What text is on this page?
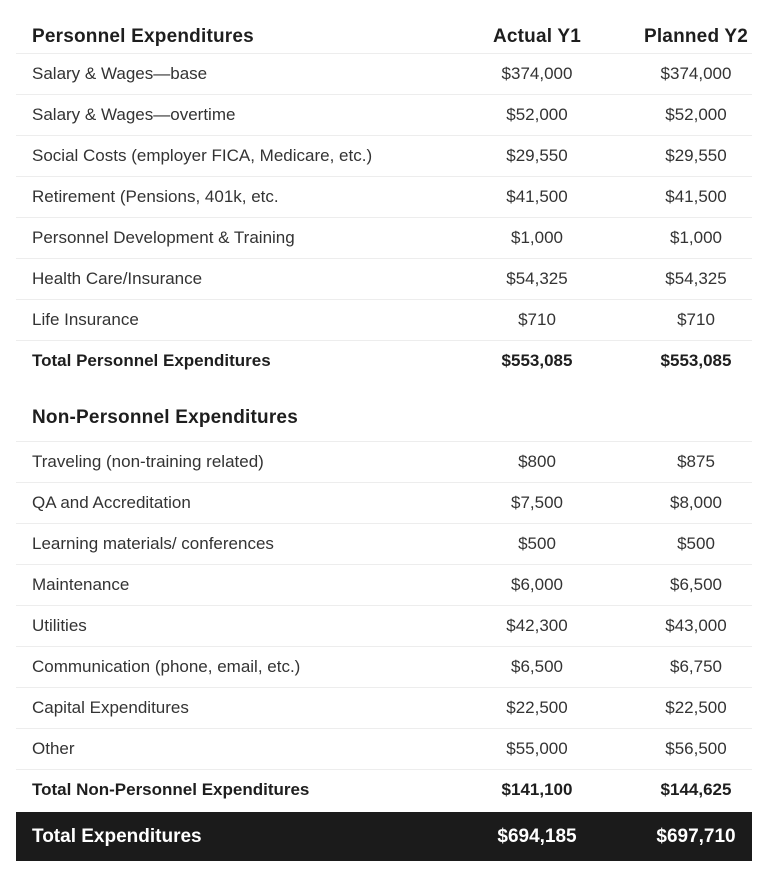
Personnel Expenditures	Actual Y1	Planned Y2
Salary & Wages—base	$374,000	$374,000
Salary & Wages—overtime	$52,000	$52,000
Social Costs (employer FICA, Medicare, etc.)	$29,550	$29,550
Retirement (Pensions, 401k, etc.	$41,500	$41,500
Personnel Development & Training	$1,000	$1,000
Health Care/Insurance	$54,325	$54,325
Life Insurance	$710	$710
Total Personnel Expenditures	$553,085	$553,085
Non-Personnel Expenditures
Traveling (non-training related)	$800	$875
QA and Accreditation	$7,500	$8,000
Learning materials/ conferences	$500	$500
Maintenance	$6,000	$6,500
Utilities	$42,300	$43,000
Communication (phone, email, etc.)	$6,500	$6,750
Capital Expenditures	$22,500	$22,500
Other	$55,000	$56,500
Total Non-Personnel Expenditures	$141,100	$144,625
Total Expenditures	$694,185	$697,710
